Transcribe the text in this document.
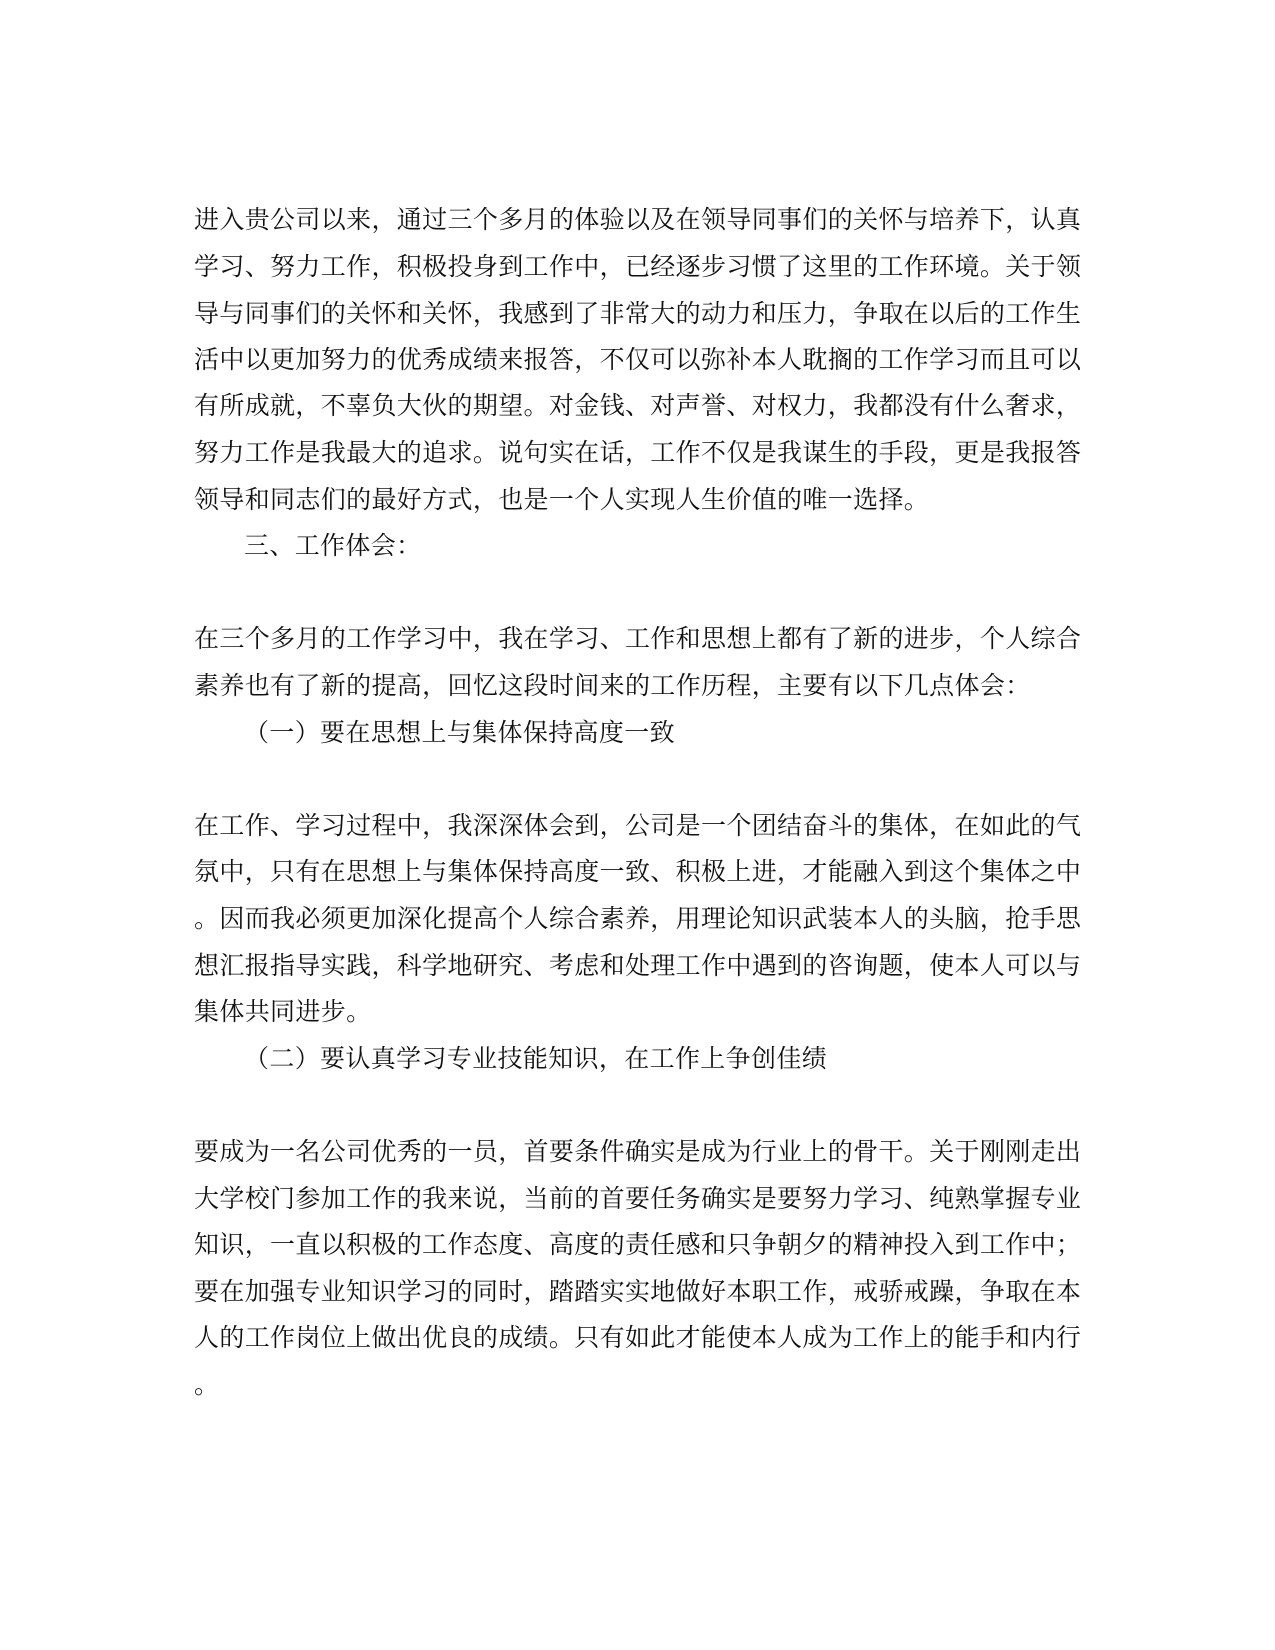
进入贵公司以来，通过三个多月的体验以及在领导同事们的关怀与培养下，认真
学习、努力工作，积极投身到工作中，已经逐步习惯了这里的工作环境。关于领
导与同事们的关怀和关怀，我感到了非常大的动力和压力，争取在以后的工作生
活中以更加努力的优秀成绩来报答，不仅可以弥补本人耽搁的工作学习而且可以
有所成就，不辜负大伙的期望。对金钱、对声誉、对权力，我都没有什么奢求，
努力工作是我最大的追求。说句实在话，工作不仅是我谋生的手段，更是我报答
领导和同志们的最好方式，也是一个人实现人生价值的唯一选择。
三、工作体会：
在三个多月的工作学习中，我在学习、工作和思想上都有了新的进步，个人综合
素养也有了新的提高，回忆这段时间来的工作历程，主要有以下几点体会：
（一）要在思想上与集体保持高度一致
在工作、学习过程中，我深深体会到，公司是一个团结奋斗的集体，在如此的气
氛中，只有在思想上与集体保持高度一致、积极上进，才能融入到这个集体之中
。因而我必须更加深化提高个人综合素养，用理论知识武装本人的头脑，抢手思
想汇报指导实践，科学地研究、考虑和处理工作中遇到的咨询题，使本人可以与
集体共同进步。
（二）要认真学习专业技能知识，在工作上争创佳绩
要成为一名公司优秀的一员，首要条件确实是成为行业上的骨干。关于刚刚走出
大学校门参加工作的我来说，当前的首要任务确实是要努力学习、纯熟掌握专业
知识，一直以积极的工作态度、高度的责任感和只争朝夕的精神投入到工作中；
要在加强专业知识学习的同时，踏踏实实地做好本职工作，戒骄戒躁，争取在本
人的工作岗位上做出优良的成绩。只有如此才能使本人成为工作上的能手和内行
。
